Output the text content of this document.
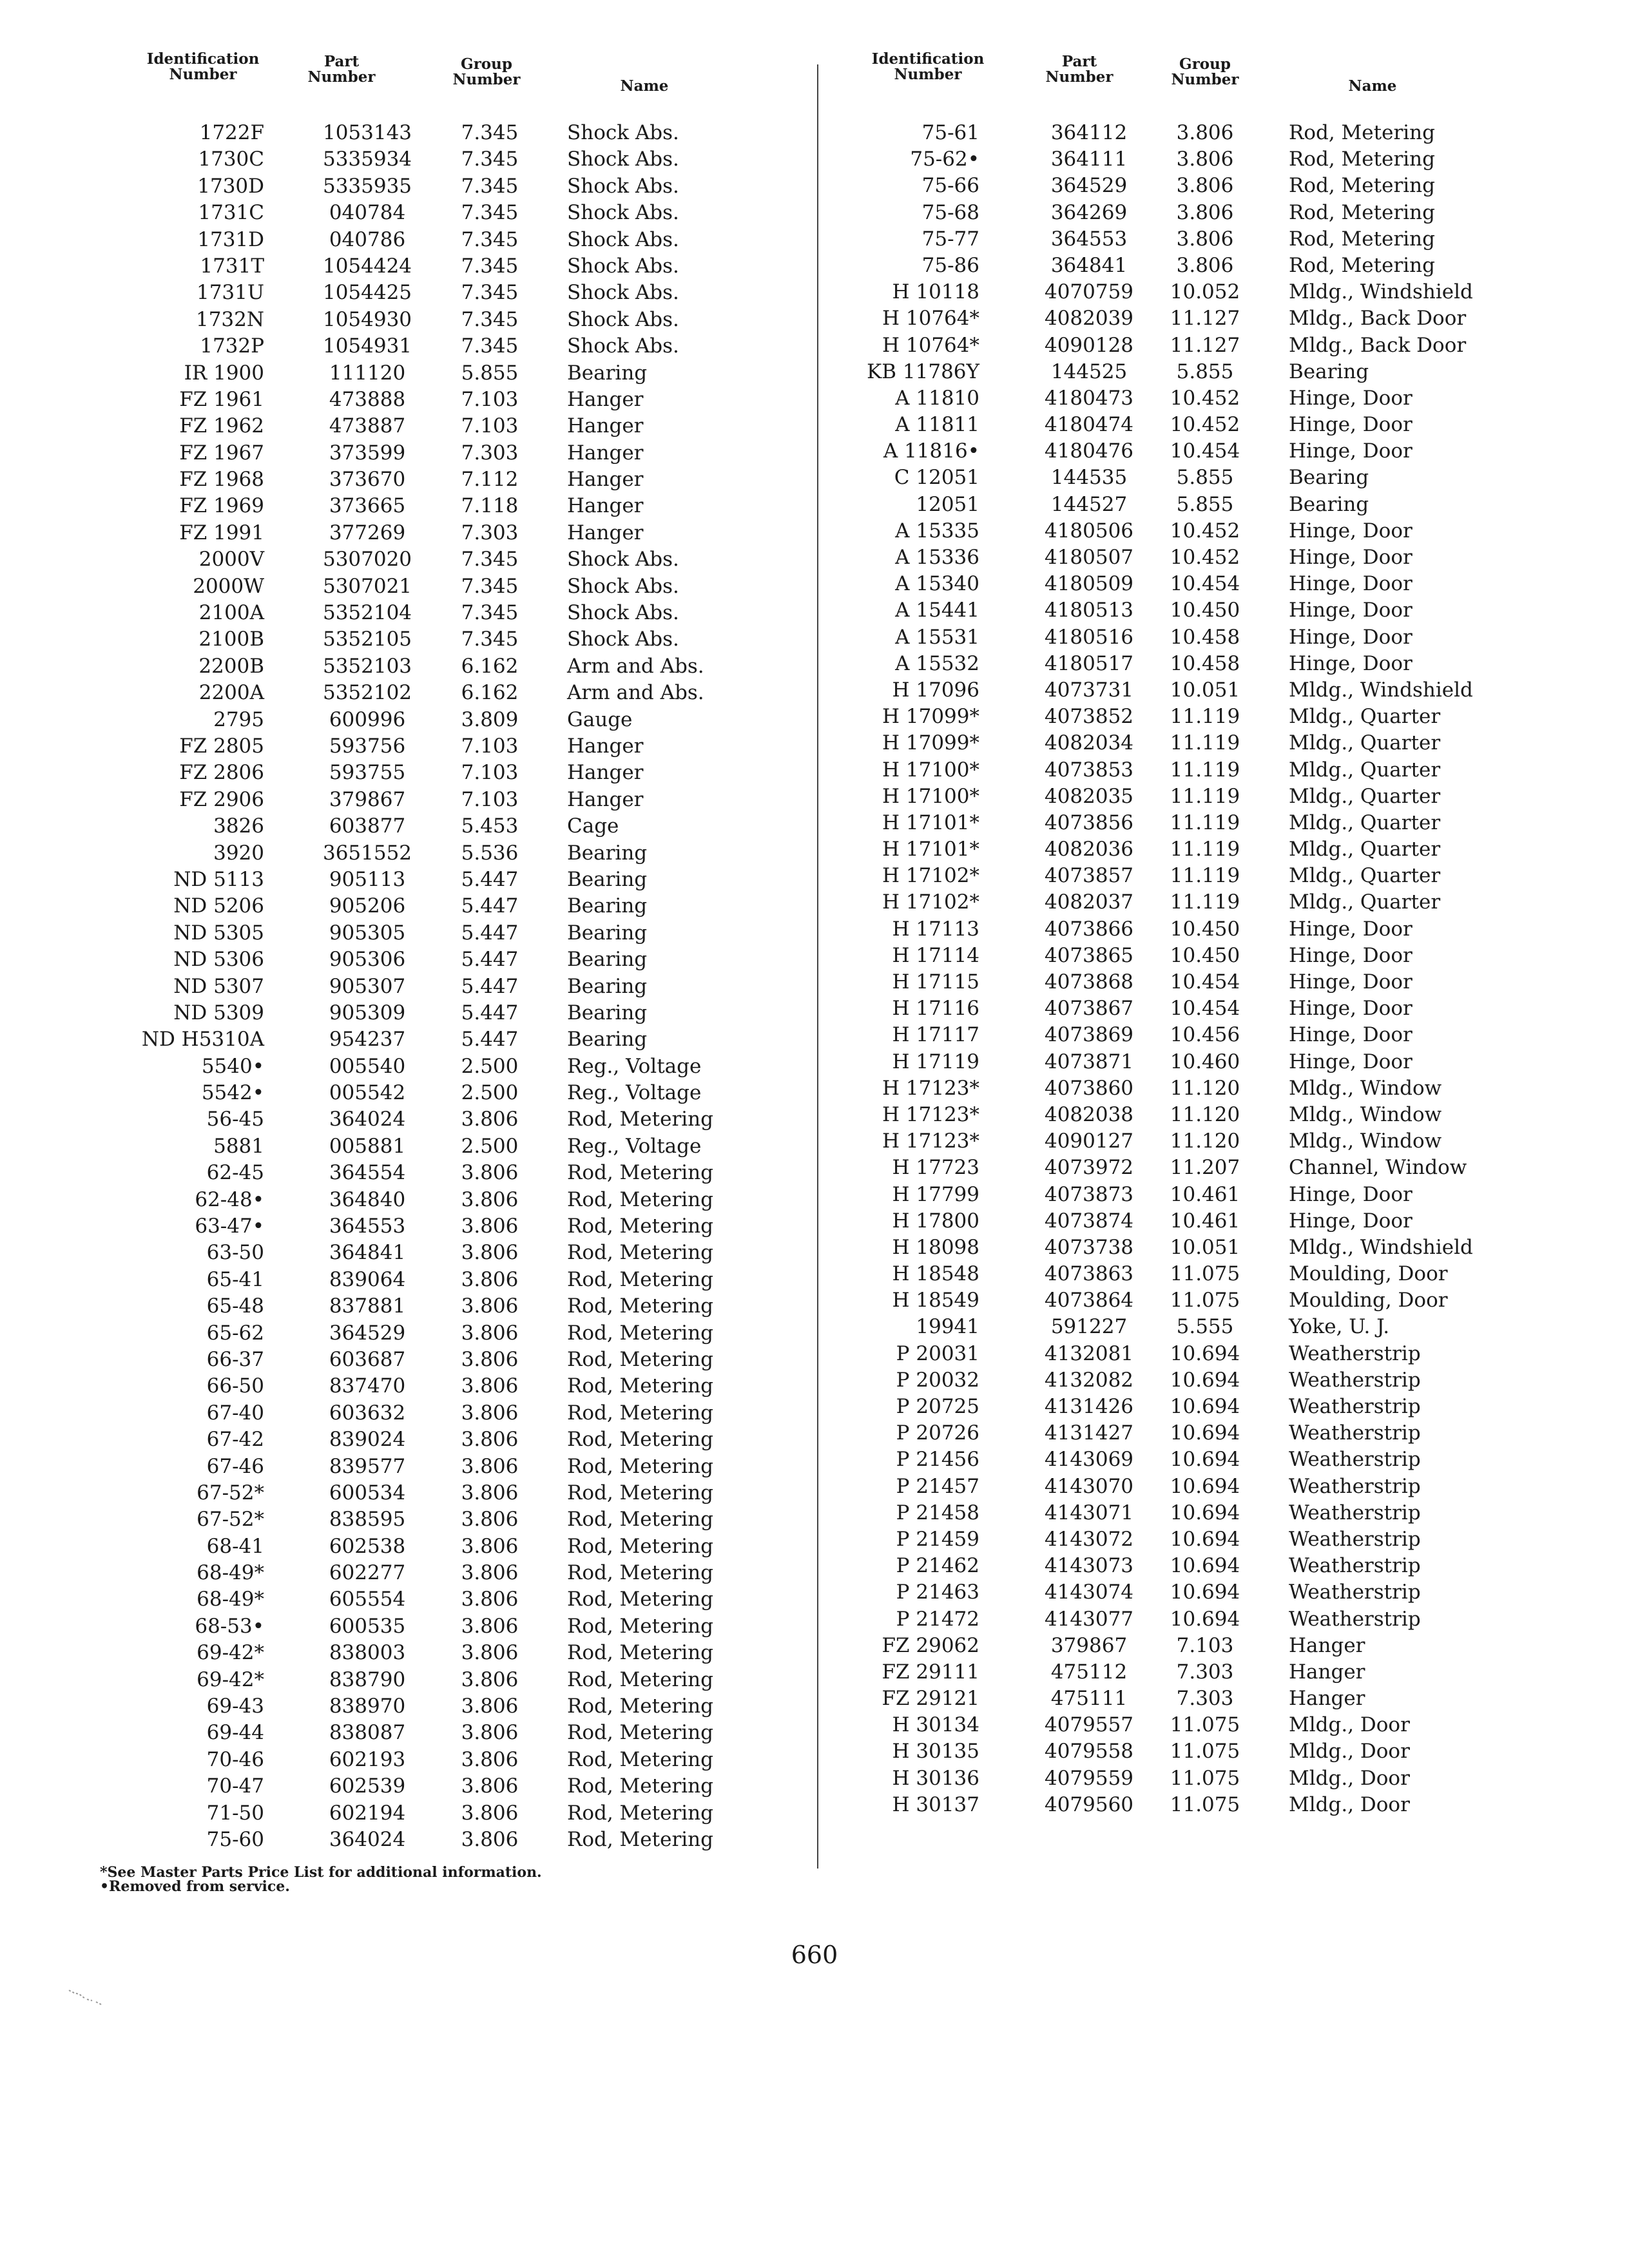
Identification
Number
Part
Number
Group
Number	Name
1722F	1053143	7.345	Shock Abs.
1730C	5335934	7.345	Shock Abs.
1730D	5335935	7.345	Shock Abs.
1731C	040784	7.345	Shock Abs.
1731D	040786	7.345	Shock Abs.
1731T	1054424	7.345	Shock Abs.
1731U	1054425	7.345	Shock Abs.
1732N	1054930	7.345	Shock Abs.
1732P	1054931	7.345	Shock Abs.
IR 1900	111120	5.855	Bearing
FZ 1961	473888	7.103	Hanger
FZ 1962	473887	7.103	Hanger
FZ 1967	373599	7.303	Hanger
FZ 1968	373670	7.112	Hanger
FZ 1969	373665	7.118	Hanger
FZ 1991	377269	7.303	Hanger
2000V	5307020	7.345	Shock Abs.
2000W	5307021	7.345	Shock Abs.
2100A	5352104	7.345	Shock Abs.
2100B	5352105	7.345	Shock Abs.
2200B	5352103	6.162	Arm and Abs.
2200A	5352102	6.162	Arm and Abs.
2795	600996	3.809	Gauge
FZ 2805	593756	7.103	Hanger
FZ 2806	593755	7.103	Hanger
FZ 2906	379867	7.103	Hanger
3826	603877	5.453	Cage
3920	3651552	5.536	Bearing
ND 5113	905113	5.447	Bearing
ND 5206	905206	5.447	Bearing
ND 5305	905305	5.447	Bearing
ND 5306	905306	5.447	Bearing
ND 5307	905307	5.447	Bearing
ND 5309	905309	5.447	Bearing
ND H5310A	954237	5.447	Bearing
5540•	005540	2.500	Reg., Voltage
5542•	005542	2.500	Reg., Voltage
56-45	364024	3.806	Rod, Metering
5881	005881	2.500	Reg., Voltage
62-45	364554	3.806	Rod, Metering
62-48•	364840	3.806	Rod, Metering
63-47•	364553	3.806	Rod, Metering
63-50	364841	3.806	Rod, Metering
65-41	839064	3.806	Rod, Metering
65-48	837881	3.806	Rod, Metering
65-62	364529	3.806	Rod, Metering
66-37	603687	3.806	Rod, Metering
66-50	837470	3.806	Rod, Metering
67-40	603632	3.806	Rod, Metering
67-42	839024	3.806	Rod, Metering
67-46	839577	3.806	Rod, Metering
67-52*	600534	3.806	Rod, Metering
67-52*	838595	3.806	Rod, Metering
68-41	602538	3.806	Rod, Metering
68-49*	602277	3.806	Rod, Metering
68-49*	605554	3.806	Rod, Metering
68-53•	600535	3.806	Rod, Metering
69-42*	838003	3.806	Rod, Metering
69-42*	838790	3.806	Rod, Metering
69-43	838970	3.806	Rod, Metering
69-44	838087	3.806	Rod, Metering
70-46	602193	3.806	Rod, Metering
70-47	602539	3.806	Rod, Metering
71-50	602194	3.806	Rod, Metering
75-60	364024	3.806	Rod, Metering
Identification
Number
Part
Number
Group
Number	Name
75-61	364112	3.806	Rod, Metering
75-62•	364111	3.806	Rod, Metering
75-66	364529	3.806	Rod, Metering
75-68	364269	3.806	Rod, Metering
75-77	364553	3.806	Rod, Metering
75-86	364841	3.806	Rod, Metering
H 10118	4070759	10.052 Mldg., Windshield
H 10764*	4082039	11.127 Mldg., Back Door
H 10764*	4090128	11.127 Mldg., Back Door
KB 11786Y	144525	5.855	Bearing
A 11810	4180473	10.452 Hinge, Door
A 11811	4180474	10.452 Hinge, Door
A 11816•	4180476	10.454 Hinge, Door
C 12051	144535	5.855	Bearing
12051	144527	5.855	Bearing
A 15335	4180506	10.452 Hinge, Door
A 15336	4180507	10.452 Hinge, Door
A 15340	4180509	10.454 Hinge, Door
A 15441	4180513	10.450 Hinge, Door
A 15531	4180516	10.458 Hinge, Door
A 15532	4180517	10.458 Hinge, Door
H 17096	4073731	10.051 Mldg., Windshield
H 17099*	4073852	11.119 Mldg., Quarter
H 17099*	4082034	11.119 Mldg., Quarter
H 17100*	4073853	11.119 Mldg., Quarter
H 17100*	4082035	11.119 Mldg., Quarter
H 17101*	4073856	11.119 Mldg., Quarter
H 17101*	4082036	11.119 Mldg., Quarter
H 17102*	4073857	11.119 Mldg., Quarter
H 17102*	4082037	11.119 Mldg., Quarter
H 17113	4073866	10.450 Hinge, Door
H 17114	4073865	10.450 Hinge, Door
H 17115	4073868	10.454 Hinge, Door
H 17116	4073867	10.454 Hinge, Door
H 17117	4073869	10.456 Hinge, Door
H 17119	4073871	10.460 Hinge, Door
H 17123*	4073860	11.120 Mldg., Window
H 17123*	4082038	11.120 Mldg., Window
H 17123*	4090127	11.120 Mldg., Window
H 17723	4073972	11.207 Channel, Window
H 17799	4073873	10.461 Hinge, Door
H 17800	4073874	10.461 Hinge, Door
H 18098	4073738	10.051 Mldg., Windshield
H 18548	4073863	11.075 Moulding, Door
H 18549	4073864	11.075 Moulding, Door
19941	591227	5.555	Yoke, U. J.
P 20031	4132081	10.694 Weatherstrip
P 20032	4132082	10.694 Weatherstrip
P 20725	4131426	10.694 Weatherstrip
P 20726	4131427	10.694 Weatherstrip
P 21456	4143069	10.694 Weatherstrip
P 21457	4143070	10.694 Weatherstrip
P 21458	4143071	10.694 Weatherstrip
P 21459	4143072	10.694 Weatherstrip
P 21462	4143073	10.694 Weatherstrip
P 21463	4143074	10.694 Weatherstrip
P 21472	4143077	10.694 Weatherstrip
FZ 29062	379867	7.103	Hanger
FZ 29111	475112	7.303	Hanger
FZ 29121	475111	7.303	Hanger
H 30134	4079557	11.075 Mldg., Door
H 30135	4079558	11.075 Mldg., Door
H 30136	4079559	11.075 Mldg., Door
H 30137	4079560	11.075 Mldg., Door
*See Master Parts Price List for additional information.
•Removed from service.
660
